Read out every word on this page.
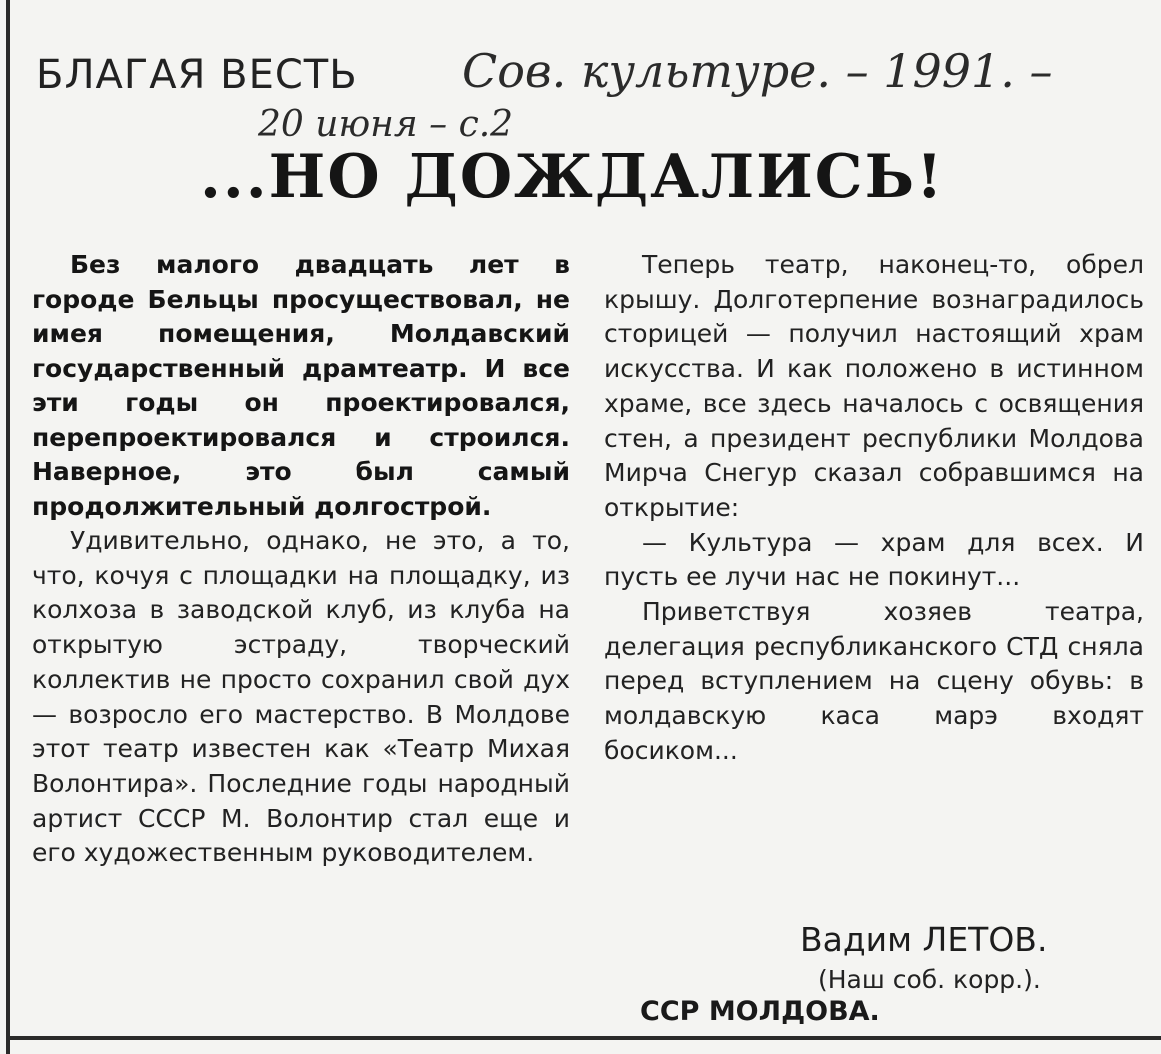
БЛАГАЯ ВЕСТЬ Сов. культуре. – 1991. –
20 июня – с.2
...НО ДОЖДАЛИСЬ!

Без малого двадцать лет в городе Бельцы просуществовал, не имея помещения, Молдавский государственный драмтеатр. И все эти годы он проектировался, перепроектировался и строился. Наверное, это был самый продолжительный долгострой.

Удивительно, однако, не это, а то, что, кочуя с площадки на площадку, из колхоза в заводской клуб, из клуба на открытую эстраду, творческий коллектив не просто сохранил свой дух — возросло его мастерство. В Молдове этот театр известен как «Театр Михая Волонтира». Последние годы народный артист СССР М. Волонтир стал еще и его художественным руководителем.

Теперь театр, наконец-то, обрел крышу. Долготерпение вознаградилось сторицей — получил настоящий храм искусства. И как положено в истинном храме, все здесь началось с освящения стен, а президент республики Молдова Мирча Снегур сказал собравшимся на открытие:

— Культура — храм для всех. И пусть ее лучи нас не покинут...

Приветствуя хозяев театра, делегация республиканского СТД сняла перед вступлением на сцену обувь: в молдавскую каса марэ входят босиком...

Вадим ЛЕТОВ.
(Наш соб. корр.).
ССР МОЛДОВА.
